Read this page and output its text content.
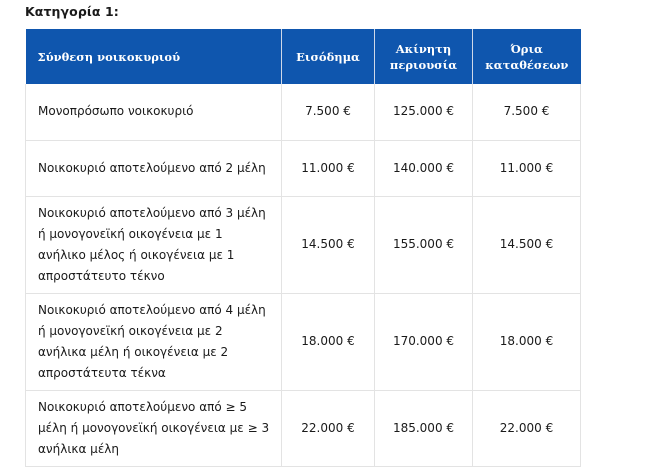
Κατηγορία 1:
Σύνθεση νοικοκυριού	Εισόδημα	Ακίνητη περιουσία	Όρια καταθέσεων
Μονοπρόσωπο νοικοκυριό	7.500 €	125.000 €	7.500 €
Νοικοκυριό αποτελούμενο από 2 μέλη	11.000 €	140.000 €	11.000 €
Νοικοκυριό αποτελούμενο από 3 μέλη ή μονογονεϊκή οικογένεια με 1 ανήλικο μέλος ή οικογένεια με 1 απροστάτευτο τέκνο	14.500 €	155.000 €	14.500 €
Νοικοκυριό αποτελούμενο από 4 μέλη ή μονογονεϊκή οικογένεια με 2 ανήλικα μέλη ή οικογένεια με 2 απροστάτευτα τέκνα	18.000 €	170.000 €	18.000 €
Νοικοκυριό αποτελούμενο από ≥ 5 μέλη ή μονογονεϊκή οικογένεια με ≥ 3 ανήλικα μέλη	22.000 €	185.000 €	22.000 €
